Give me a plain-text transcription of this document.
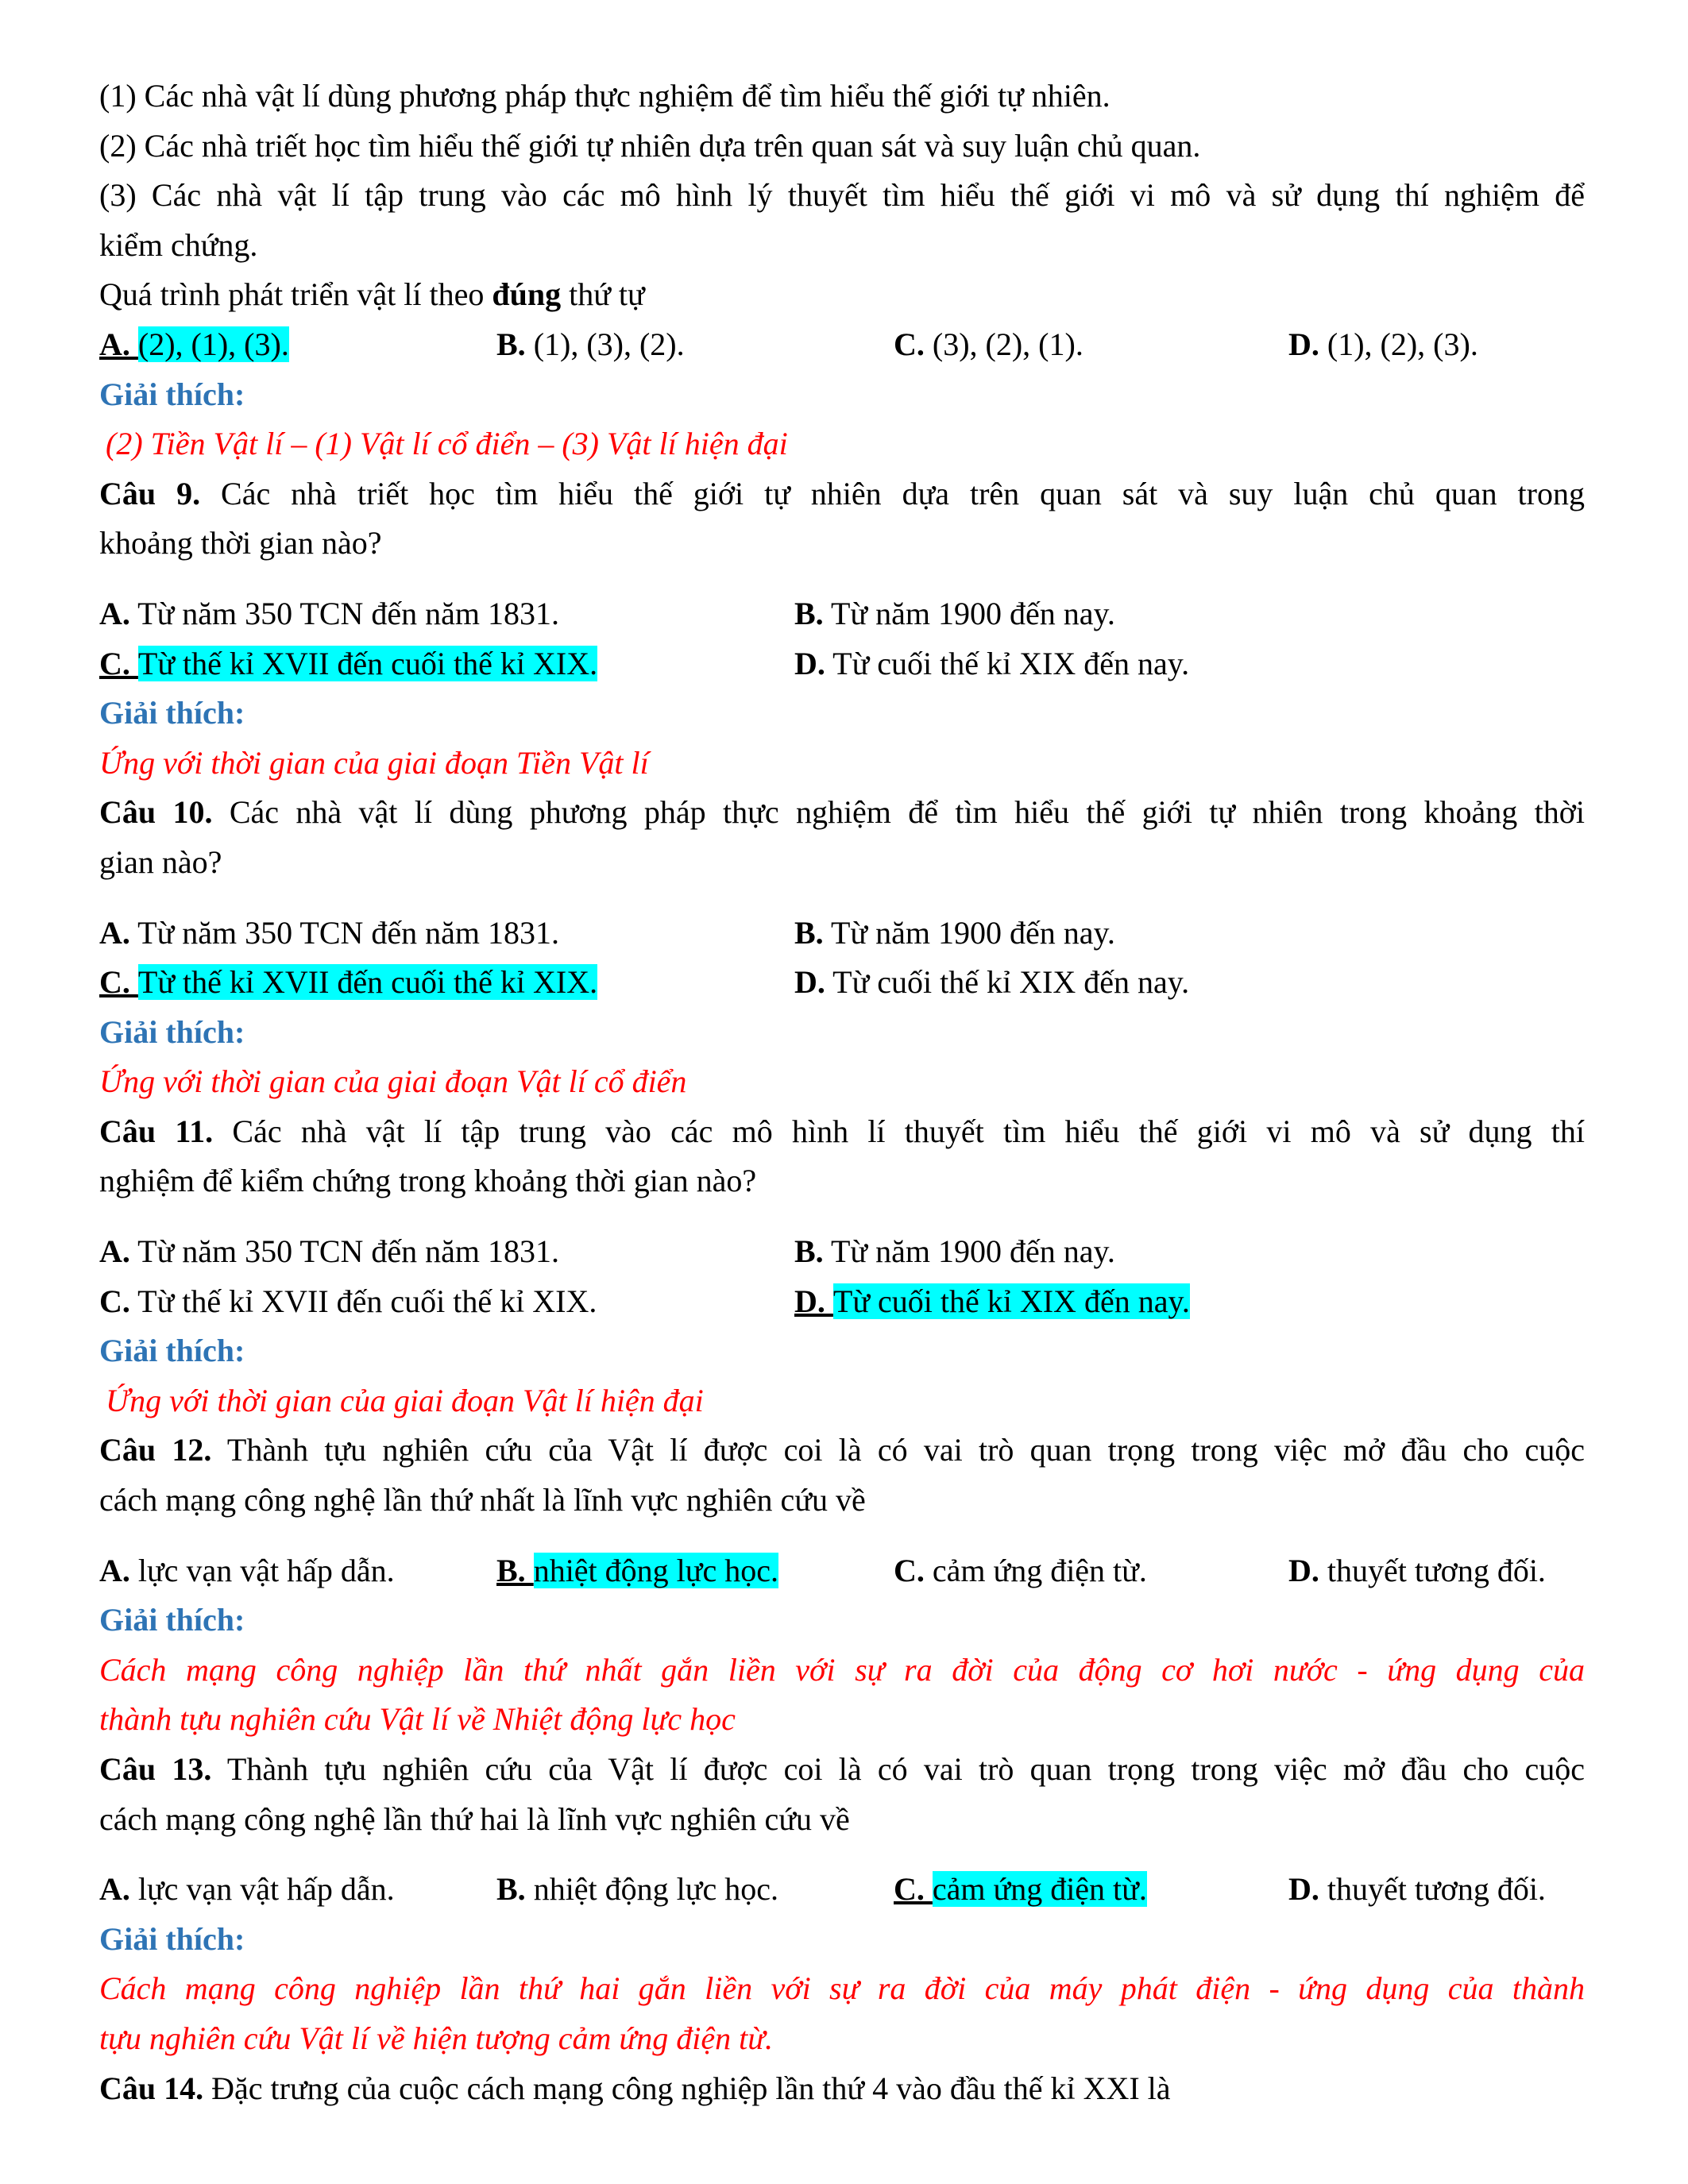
(1) Các nhà vật lí dùng phương pháp thực nghiệm để tìm hiểu thế giới tự nhiên.
(2) Các nhà triết học tìm hiểu thế giới tự nhiên dựa trên quan sát và suy luận chủ quan.
(3) Các nhà vật lí tập trung vào các mô hình lý thuyết tìm hiểu thế giới vi mô và sử dụng thí nghiệm để
kiểm chứng.
Quá trình phát triển vật lí theo đúng thứ tự
A. (2), (1), (3).	B. (1), (3), (2).	C. (3), (2), (1).	D. (1), (2), (3).
Giải thích:
(2) Tiền Vật lí – (1) Vật lí cổ điển – (3) Vật lí hiện đại
Câu 9. Các nhà triết học tìm hiểu thế giới tự nhiên dựa trên quan sát và suy luận chủ quan trong
khoảng thời gian nào?
A. Từ năm 350 TCN đến năm 1831.	B. Từ năm 1900 đến nay.
C. Từ thế kỉ XVII đến cuối thế kỉ XIX.	D. Từ cuối thế kỉ XIX đến nay.
Giải thích:
Ứng với thời gian của giai đoạn Tiền Vật lí
Câu 10. Các nhà vật lí dùng phương pháp thực nghiệm để tìm hiểu thế giới tự nhiên trong khoảng thời
gian nào?
A. Từ năm 350 TCN đến năm 1831.	B. Từ năm 1900 đến nay.
C. Từ thế kỉ XVII đến cuối thế kỉ XIX.	D. Từ cuối thế kỉ XIX đến nay.
Giải thích:
Ứng với thời gian của giai đoạn Vật lí cổ điển
Câu 11. Các nhà vật lí tập trung vào các mô hình lí thuyết tìm hiểu thế giới vi mô và sử dụng thí
nghiệm để kiểm chứng trong khoảng thời gian nào?
A. Từ năm 350 TCN đến năm 1831.	B. Từ năm 1900 đến nay.
C. Từ thế kỉ XVII đến cuối thế kỉ XIX.	D. Từ cuối thế kỉ XIX đến nay.
Giải thích:
Ứng với thời gian của giai đoạn Vật lí hiện đại
Câu 12. Thành tựu nghiên cứu của Vật lí được coi là có vai trò quan trọng trong việc mở đầu cho cuộc
cách mạng công nghệ lần thứ nhất là lĩnh vực nghiên cứu về
A. lực vạn vật hấp dẫn.	B. nhiệt động lực học.	C. cảm ứng điện từ.	D. thuyết tương đối.
Giải thích:
Cách mạng công nghiệp lần thứ nhất gắn liền với sự ra đời của động cơ hơi nước - ứng dụng của
thành tựu nghiên cứu Vật lí về Nhiệt động lực học
Câu 13. Thành tựu nghiên cứu của Vật lí được coi là có vai trò quan trọng trong việc mở đầu cho cuộc
cách mạng công nghệ lần thứ hai là lĩnh vực nghiên cứu về
A. lực vạn vật hấp dẫn.	B. nhiệt động lực học.	C. cảm ứng điện từ.	D. thuyết tương đối.
Giải thích:
Cách mạng công nghiệp lần thứ hai gắn liền với sự ra đời của máy phát điện - ứng dụng của thành
tựu nghiên cứu Vật lí về hiện tượng cảm ứng điện từ.
Câu 14. Đặc trưng của cuộc cách mạng công nghiệp lần thứ 4 vào đầu thế kỉ XXI là
